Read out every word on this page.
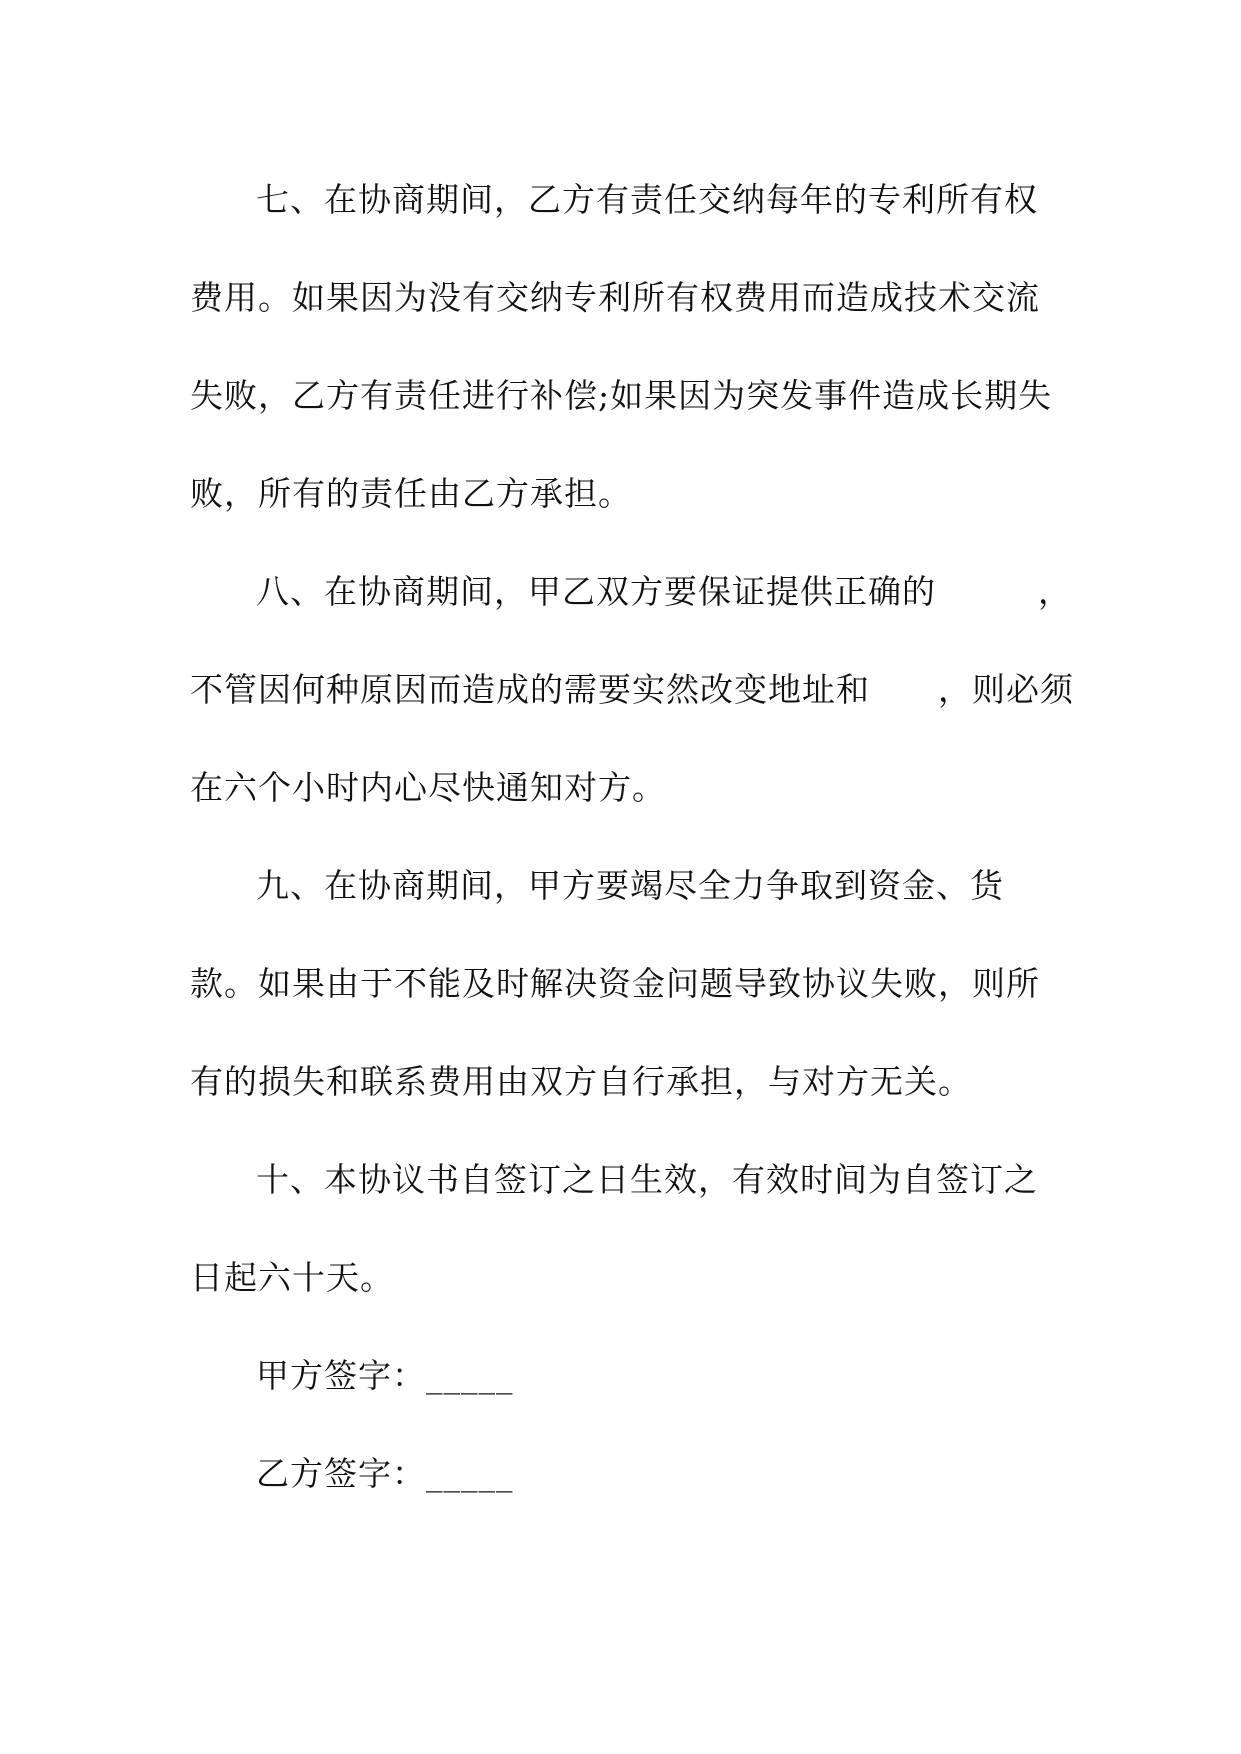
七、在协商期间，乙方有责任交纳每年的专利所有权
费用。如果因为没有交纳专利所有权费用而造成技术交流
失败，乙方有责任进行补偿;如果因为突发事件造成长期失
败，所有的责任由乙方承担。
八、在协商期间，甲乙双方要保证提供正确的　　　，
不管因何种原因而造成的需要实然改变地址和　　，则必须
在六个小时内心尽快通知对方。
九、在协商期间，甲方要竭尽全力争取到资金、货
款。如果由于不能及时解决资金问题导致协议失败，则所
有的损失和联系费用由双方自行承担，与对方无关。
十、本协议书自签订之日生效，有效时间为自签订之
日起六十天。
甲方签字：_____
乙方签字：_____
